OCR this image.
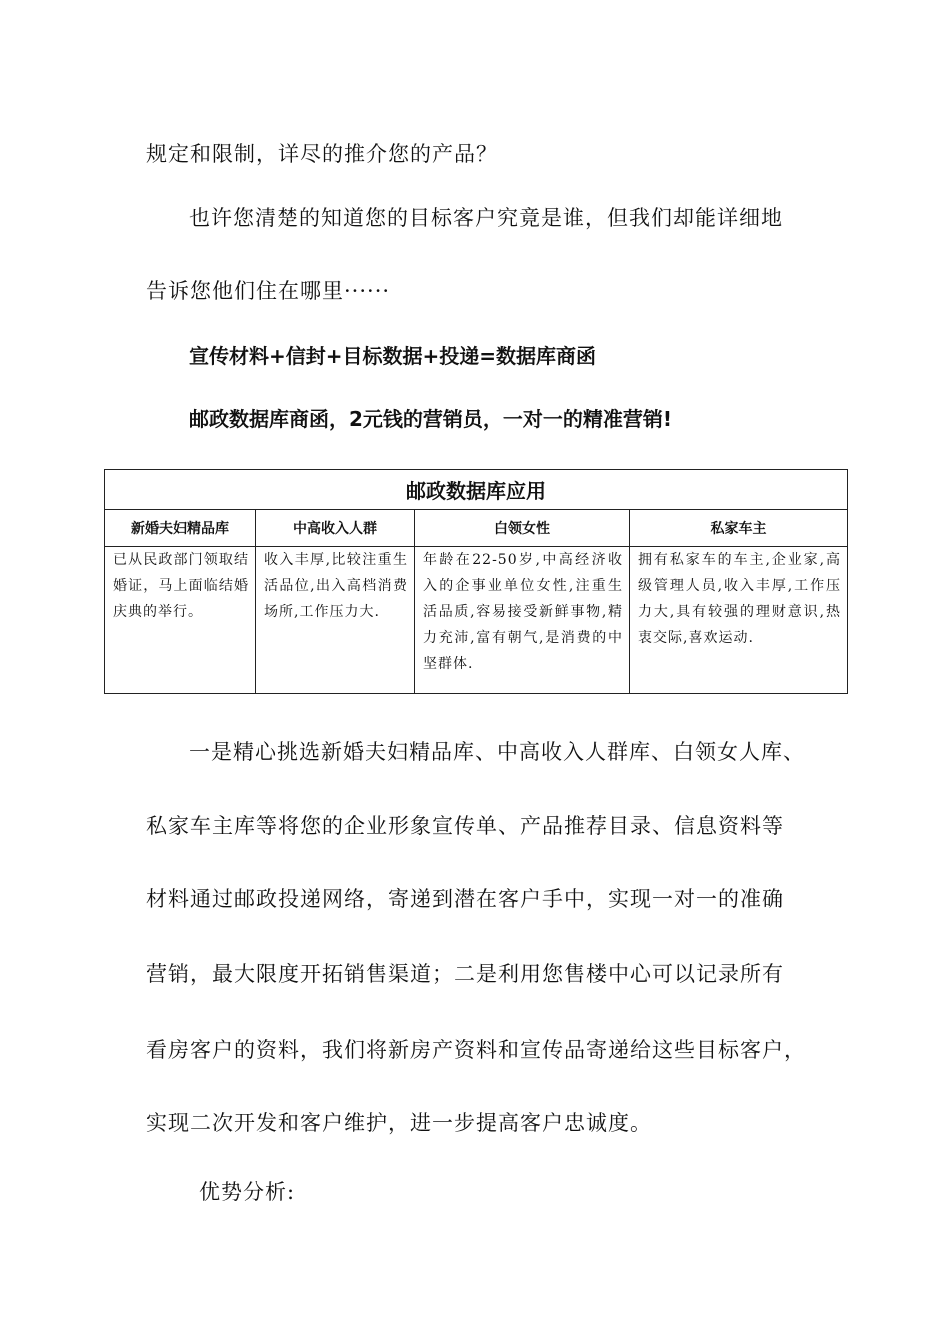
规定和限制，详尽的推介您的产品？
也许您清楚的知道您的目标客户究竟是谁，但我们却能详细地
告诉您他们住在哪里······
宣传材料+信封+目标数据+投递=数据库商函
邮政数据库商函，2元钱的营销员，一对一的精准营销!
邮政数据库应用			
新婚夫妇精品库	中高收入人群	白领女性	私家车主
已从民政部门领取结婚证，马上面临结婚庆典的举行。	收入丰厚,比较注重生活品位,出入高档消费场所,工作压力大.	年龄在22-50岁,中高经济收入的企事业单位女性,注重生活品质,容易接受新鲜事物,精力充沛,富有朝气,是消费的中坚群体.	拥有私家车的车主,企业家,高级管理人员,收入丰厚,工作压力大,具有较强的理财意识,热衷交际,喜欢运动.
一是精心挑选新婚夫妇精品库、中高收入人群库、白领女人库、
私家车主库等将您的企业形象宣传单、产品推荐目录、信息资料等
材料通过邮政投递网络，寄递到潜在客户手中，实现一对一的准确
营销，最大限度开拓销售渠道；二是利用您售楼中心可以记录所有
看房客户的资料，我们将新房产资料和宣传品寄递给这些目标客户，
实现二次开发和客户维护，进一步提高客户忠诚度。
优势分析:
